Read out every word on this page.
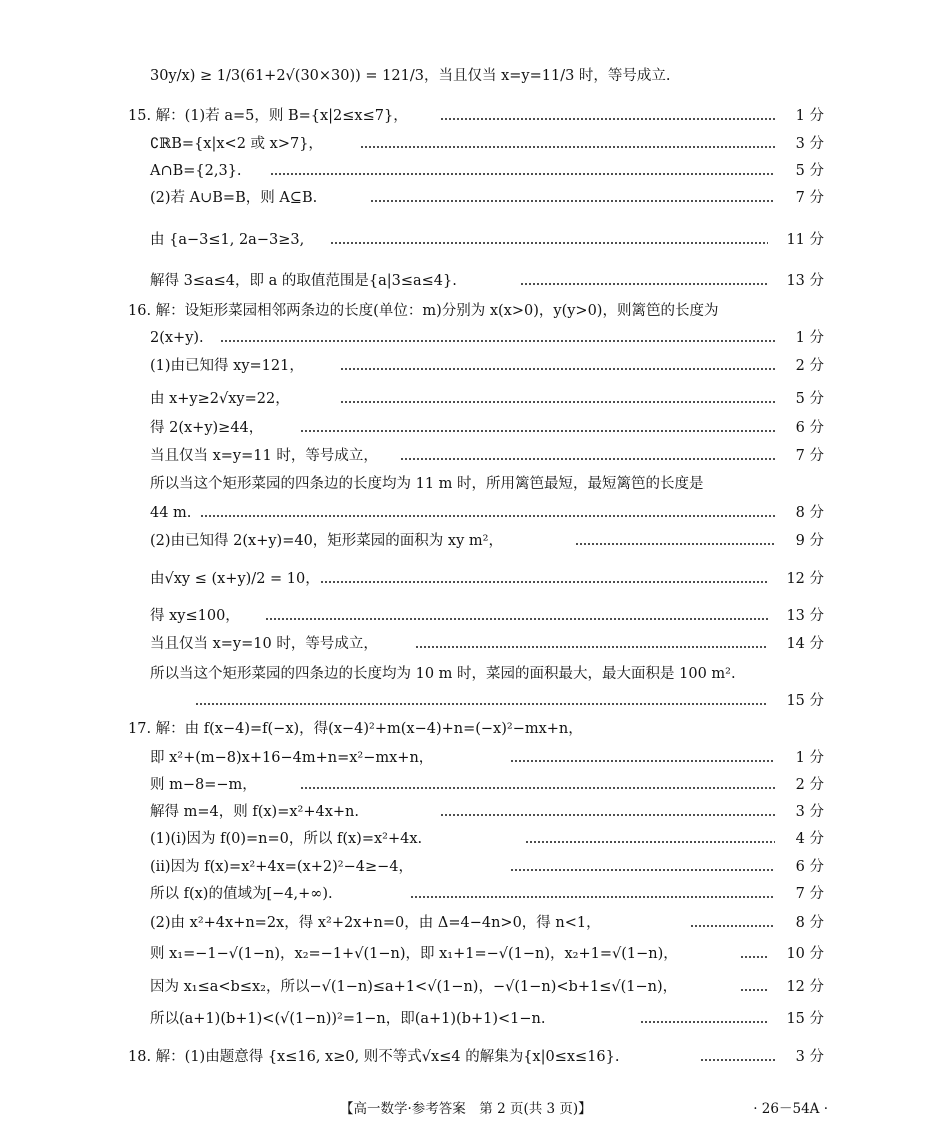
30y/x) ≥ 1/3(61+2√(30×30)) = 121/3，当且仅当 x=y=11/3 时，等号成立.
15. 解：(1)若 a=5，则 B={x|2≤x≤7}，	1 分
∁ℝB={x|x<2 或 x>7}，	3 分
A∩B={2,3}.	5 分
(2)若 A∪B=B，则 A⊆B.	7 分
由 {a−3≤1, 2a−3≥3,	11 分
解得 3≤a≤4，即 a 的取值范围是{a|3≤a≤4}.	13 分
16. 解：设矩形菜园相邻两条边的长度(单位：m)分别为 x(x>0)，y(y>0)，则篱笆的长度为
2(x+y).	1 分
(1)由已知得 xy=121，	2 分
由 x+y≥2√xy=22，	5 分
得 2(x+y)≥44，	6 分
当且仅当 x=y=11 时，等号成立，	7 分
所以当这个矩形菜园的四条边的长度均为 11 m 时，所用篱笆最短，最短篱笆的长度是
44 m.	8 分
(2)由已知得 2(x+y)=40，矩形菜园的面积为 xy m²，	9 分
由√xy ≤ (x+y)/2 = 10，	12 分
得 xy≤100，	13 分
当且仅当 x=y=10 时，等号成立，	14 分
所以当这个矩形菜园的四条边的长度均为 10 m 时，菜园的面积最大，最大面积是 100 m².
15 分
17. 解：由 f(x−4)=f(−x)，得(x−4)²+m(x−4)+n=(−x)²−mx+n，
即 x²+(m−8)x+16−4m+n=x²−mx+n，	1 分
则 m−8=−m，	2 分
解得 m=4，则 f(x)=x²+4x+n.	3 分
(1)(ⅰ)因为 f(0)=n=0，所以 f(x)=x²+4x.	4 分
(ⅱ)因为 f(x)=x²+4x=(x+2)²−4≥−4，	6 分
所以 f(x)的值域为[−4,+∞).	7 分
(2)由 x²+4x+n=2x，得 x²+2x+n=0，由 Δ=4−4n>0，得 n<1，	8 分
则 x₁=−1−√(1−n)，x₂=−1+√(1−n)，即 x₁+1=−√(1−n)，x₂+1=√(1−n)，	10 分
因为 x₁≤a<b≤x₂，所以−√(1−n)≤a+1<√(1−n)，−√(1−n)<b+1≤√(1−n)，	12 分
所以(a+1)(b+1)<(√(1−n))²=1−n，即(a+1)(b+1)<1−n.	15 分
18. 解：(1)由题意得 {x≤16, x≥0, 则不等式√x≤4 的解集为{x|0≤x≤16}.	3 分
【高一数学·参考答案　第 2 页(共 3 页)】	· 26－54A ·
